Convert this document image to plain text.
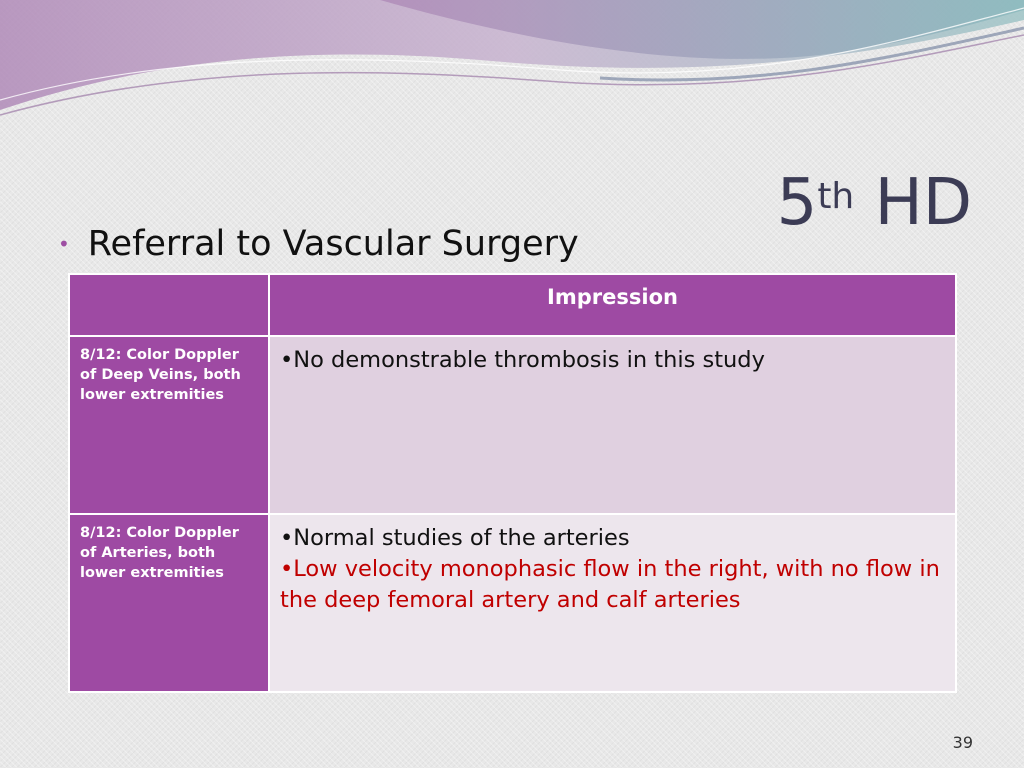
5th HD
• Referral to Vascular Surgery
	Impression
8/12: Color Doppler of Deep Veins, both lower extremities	•No demonstrable thrombosis in this study

8/12: Color Doppler of Arteries, both lower extremities	•Normal studies of the arteries
•Low velocity monophasic flow in the right, with no flow in the deep femoral artery and calf arteries
39
